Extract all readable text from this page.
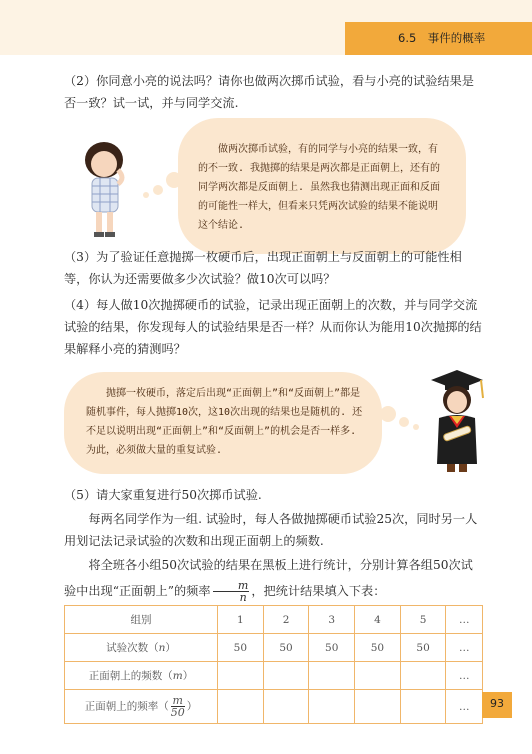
6.5　事件的概率

（2）你同意小亮的说法吗？请你也做两次掷币试验，看与小亮的试验结果是否一致？试一试，并与同学交流.

做两次掷币试验，有的同学与小亮的结果一致，有的不一致. 我抛掷的结果是两次都是正面朝上，还有的同学两次都是反面朝上. 虽然我也猜测出现正面和反面的可能性一样大，但看来只凭两次试验的结果不能说明这个结论.

（3）为了验证任意抛掷一枚硬币后，出现正面朝上与反面朝上的可能性相等，你认为还需要做多少次试验？做10次可以吗？

（4）每人做10次抛掷硬币的试验，记录出现正面朝上的次数，并与同学交流试验的结果，你发现每人的试验结果是否一样？从而你认为能用10次抛掷的结果解释小亮的猜测吗？

抛掷一枚硬币，落定后出现“正面朝上”和“反面朝上”都是随机事件，每人抛掷10次，这10次出现的结果也是随机的. 还不足以说明出现“正面朝上”和“反面朝上”的机会是否一样多. 为此，必须做大量的重复试验.

（5）请大家重复进行50次掷币试验.

每两名同学作为一组. 试验时，每人各做抛掷硬币试验25次，同时另一人用划记法记录试验的次数和出现正面朝上的频数.

将全班各小组50次试验的结果在黑板上进行统计，分别计算各组50次试验中出现“正面朝上”的频率 $\frac{m}{n}$ ，把统计结果填入下表：

组别	1	2	3	4	5	…
试验次数（n）	50	50	50	50	50	…
正面朝上的频数（m）						…
正面朝上的频率（ $\frac{m}{50}$ ）						…	93
